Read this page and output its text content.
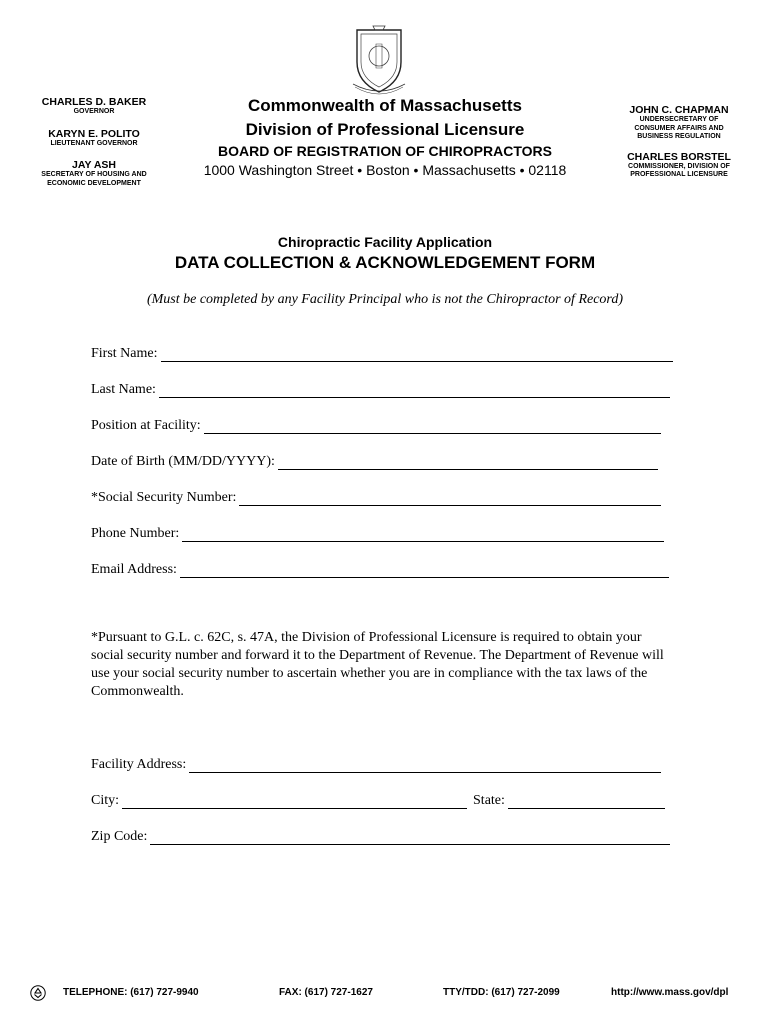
CHARLES D. BAKER
GOVERNOR
KARYN E. POLITO
LIEUTENANT GOVERNOR
JAY ASH
SECRETARY OF HOUSING AND ECONOMIC DEVELOPMENT
Commonwealth of Massachusetts
Division of Professional Licensure
BOARD OF REGISTRATION OF CHIROPRACTORS
1000 Washington Street • Boston • Massachusetts • 02118
JOHN C. CHAPMAN
UNDERSECRETARY OF CONSUMER AFFAIRS AND BUSINESS REGULATION
CHARLES BORSTEL
COMMISSIONER, DIVISION OF PROFESSIONAL LICENSURE
Chiropractic Facility Application
DATA COLLECTION & ACKNOWLEDGEMENT FORM
(Must be completed by any Facility Principal who is not the Chiropractor of Record)
First Name:
Last Name:
Position at Facility:
Date of Birth (MM/DD/YYYY):
*Social Security Number:
Phone Number:
Email Address:
*Pursuant to G.L. c. 62C, s. 47A, the Division of Professional Licensure is required to obtain your social security number and forward it to the Department of Revenue. The Department of Revenue will use your social security number to ascertain whether you are in compliance with the tax laws of the Commonwealth.
Facility Address:
City:	State:
Zip Code:
TELEPHONE: (617) 727-9940	FAX: (617) 727-1627	TTY/TDD: (617) 727-2099	http://www.mass.gov/dpl
